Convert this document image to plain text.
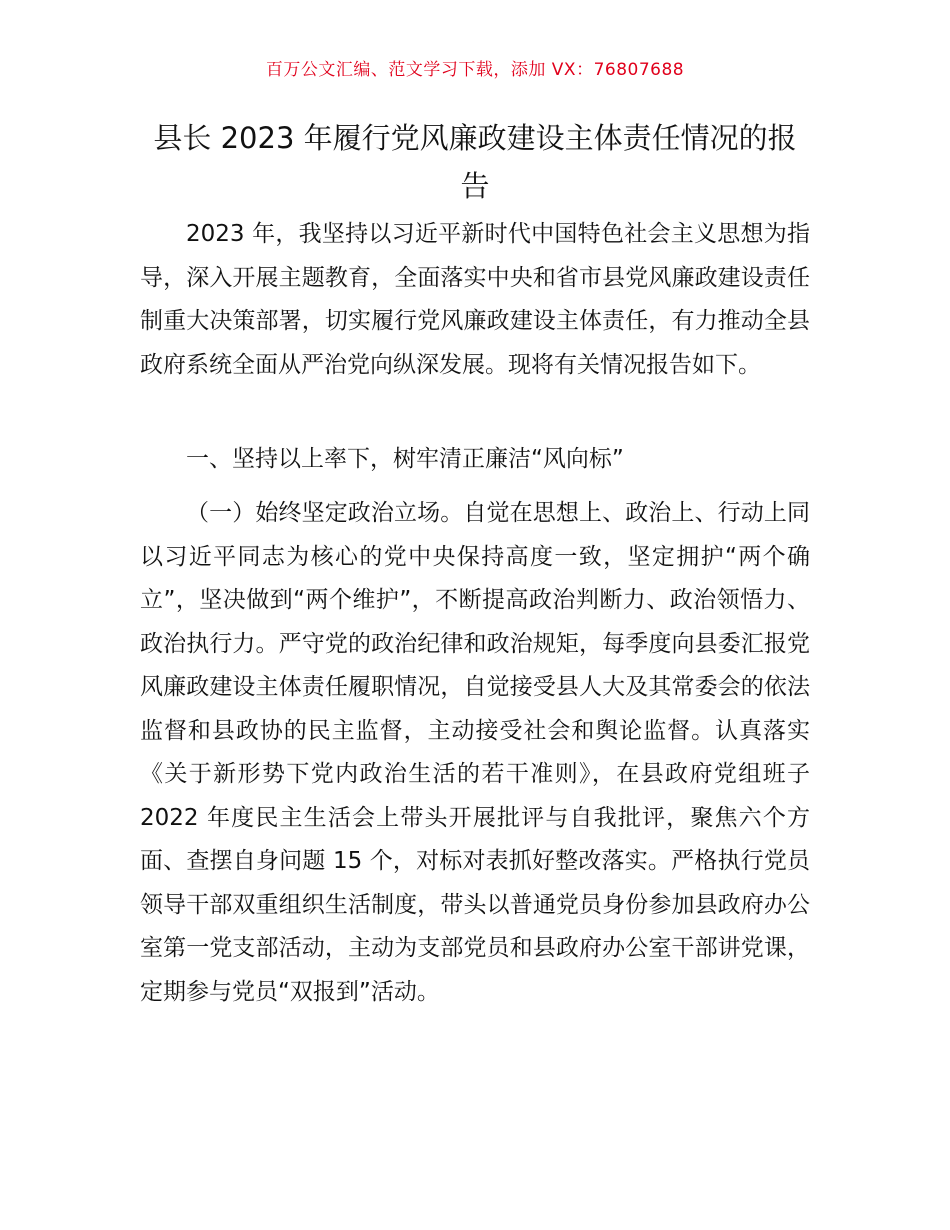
百万公文汇编、范文学习下载，添加 VX：76807688
县长 2023 年履行党风廉政建设主体责任情况的报告

2023 年，我坚持以习近平新时代中国特色社会主义思想为指导，深入开展主题教育，全面落实中央和省市县党风廉政建设责任制重大决策部署，切实履行党风廉政建设主体责任，有力推动全县政府系统全面从严治党向纵深发展。现将有关情况报告如下。

一、坚持以上率下，树牢清正廉洁“风向标”

（一）始终坚定政治立场。自觉在思想上、政治上、行动上同以习近平同志为核心的党中央保持高度一致，坚定拥护“两个确立”，坚决做到“两个维护”，不断提高政治判断力、政治领悟力、政治执行力。严守党的政治纪律和政治规矩，每季度向县委汇报党风廉政建设主体责任履职情况，自觉接受县人大及其常委会的依法监督和县政协的民主监督，主动接受社会和舆论监督。认真落实《关于新形势下党内政治生活的若干准则》，在县政府党组班子 2022 年度民主生活会上带头开展批评与自我批评，聚焦六个方面、查摆自身问题 15 个，对标对表抓好整改落实。严格执行党员领导干部双重组织生活制度，带头以普通党员身份参加县政府办公室第一党支部活动，主动为支部党员和县政府办公室干部讲党课，定期参与党员“双报到”活动。
